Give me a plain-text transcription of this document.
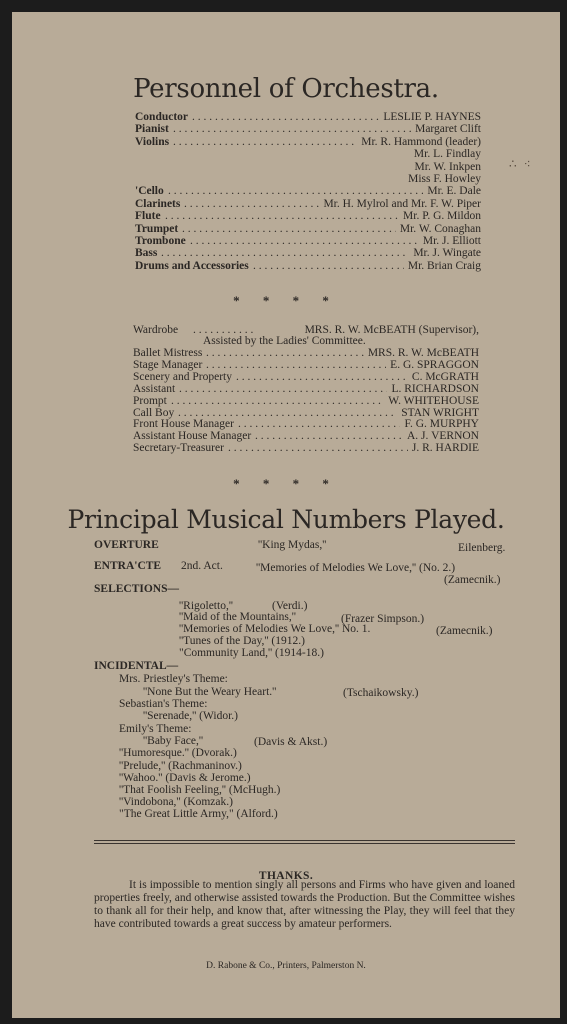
Personnel of Orchestra.
Conductor	LESLIE P. HAYNES
. . .
Pianist	Margaret Clift
. . .
Violins	Mr. R. Hammond (leader)
. . .
Mr. L. Findlay
Mr. W. Inkpen
Miss F. Howley
'Cello	Mr. E. Dale
. . .
Clarinets	Mr. H. Mylrol and Mr. F. W. Piper
. . .
Flute	Mr. P. G. Mildon
. . .
Trumpet	Mr. W. Conaghan
. . .
Trombone	Mr. J. Elliott
. . .
Bass	Mr. J. Wingate
. . .
Drums and Accessories	Mr. Brian Craig
. . .
∴ ⁖
* * * *
Wardrobe
. . .	MRS. R. W. McBEATH (Supervisor),
Assisted by the Ladies' Committee.
Ballet Mistress	MRS. R. W. McBEATH
. . .
Stage Manager	E. G. SPRAGGON
. . .
Scenery and Property	C. McGRATH
. . .
Assistant	L. RICHARDSON
. . .
Prompt	W. WHITEHOUSE
. . .
Call Boy	STAN WRIGHT
. . .
Front House Manager	F. G. MURPHY
. . .
Assistant House Manager	A. J. VERNON
. . .
Secretary-Treasurer	J. R. HARDIE
. . .
* * * *
Principal Musical Numbers Played.
OVERTURE	''King Mydas,''	Eilenberg.
ENTRA'CTE 2nd. Act.	''Memories of Melodies We Love,'' (No. 2.)
(Zamecnik.)
SELECTIONS—
''Rigoletto,''	(Verdi.)
''Maid of the Mountains,''	(Frazer Simpson.)
''Memories of Melodies We Love,'' No. 1.	(Zamecnik.)
''Tunes of the Day,'' (1912.)
"Community Land,'' (1914-18.)
INCIDENTAL—
Mrs. Priestley's Theme:
''None But the Weary Heart.''	(Tschaikowsky.)
Sebastian's Theme:
''Serenade,'' (Widor.)
Emily's Theme:
''Baby Face,''	(Davis & Akst.)
''Humoresque.'' (Dvorak.)
''Prelude,'' (Rachmaninov.)
''Wahoo.'' (Davis & Jerome.)
''That Foolish Feeling,'' (McHugh.)
''Vindobona,'' (Komzak.)
"The Great Little Army," (Alford.)
THANKS.
It is impossible to mention singly all persons and Firms who have given and loaned properties freely, and otherwise assisted towards the Production. But the Committee wishes to thank all for their help, and know that, after witnessing the Play, they will feel that they have contributed towards a great success by amateur performers.
D. Rabone & Co., Printers, Palmerston N.
